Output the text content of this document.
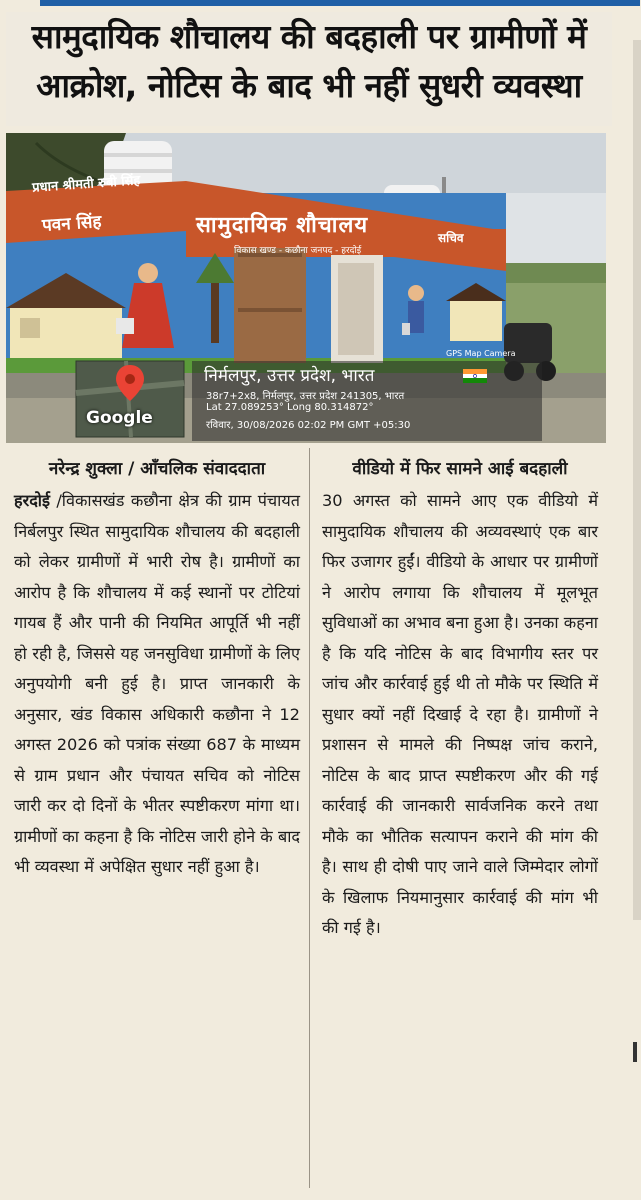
सामुदायिक शौचालय की बदहाली पर ग्रामीणों में
आक्रोश, नोटिस के बाद भी नहीं सुधरी व्यवस्था
प्रधान श्रीमती रुबी सिंह
पवन सिंह	सामुदायिक शौचालय
विकास खण्ड - कछौना जनपद - हरदोई
सचिव
GPS Map Camera
निर्मलपुर, उत्तर प्रदेश, भारत
38r7+2x8, निर्मलपुर, उत्तर प्रदेश 241305, भारत
Lat 27.089253° Long 80.314872°
रविवार, 30/08/2026 02:02 PM GMT +05:30
Google
नरेन्द्र शुक्ला / आँचलिक संवाददाता
हरदोई /विकासखंड कछौना क्षेत्र की ग्राम पंचायत निर्बलपुर स्थित सामुदायिक शौचालय की बदहाली को लेकर ग्रामीणों में भारी रोष है। ग्रामीणों का आरोप है कि शौचालय में कई स्थानों पर टोटियां गायब हैं और पानी की नियमित आपूर्ति भी नहीं हो रही है, जिससे यह जनसुविधा ग्रामीणों के लिए अनुपयोगी बनी हुई है। प्राप्त जानकारी के अनुसार, खंड विकास अधिकारी कछौना ने 12 अगस्त 2026 को पत्रांक संख्या 687 के माध्यम से ग्राम प्रधान और पंचायत सचिव को नोटिस जारी कर दो दिनों के भीतर स्पष्टीकरण मांगा था। ग्रामीणों का कहना है कि नोटिस जारी होने के बाद भी व्यवस्था में अपेक्षित सुधार नहीं हुआ है।
वीडियो में फिर सामने आई बदहाली
30 अगस्त को सामने आए एक वीडियो में सामुदायिक शौचालय की अव्यवस्थाएं एक बार फिर उजागर हुईं। वीडियो के आधार पर ग्रामीणों ने आरोप लगाया कि शौचालय में मूलभूत सुविधाओं का अभाव बना हुआ है। उनका कहना है कि यदि नोटिस के बाद विभागीय स्तर पर जांच और कार्रवाई हुई थी तो मौके पर स्थिति में सुधार क्यों नहीं दिखाई दे रहा है। ग्रामीणों ने प्रशासन से मामले की निष्पक्ष जांच कराने, नोटिस के बाद प्राप्त स्पष्टीकरण और की गई कार्रवाई की जानकारी सार्वजनिक करने तथा मौके का भौतिक सत्यापन कराने की मांग की है। साथ ही दोषी पाए जाने वाले जिम्मेदार लोगों के खिलाफ नियमानुसार कार्रवाई की मांग भी की गई है।
